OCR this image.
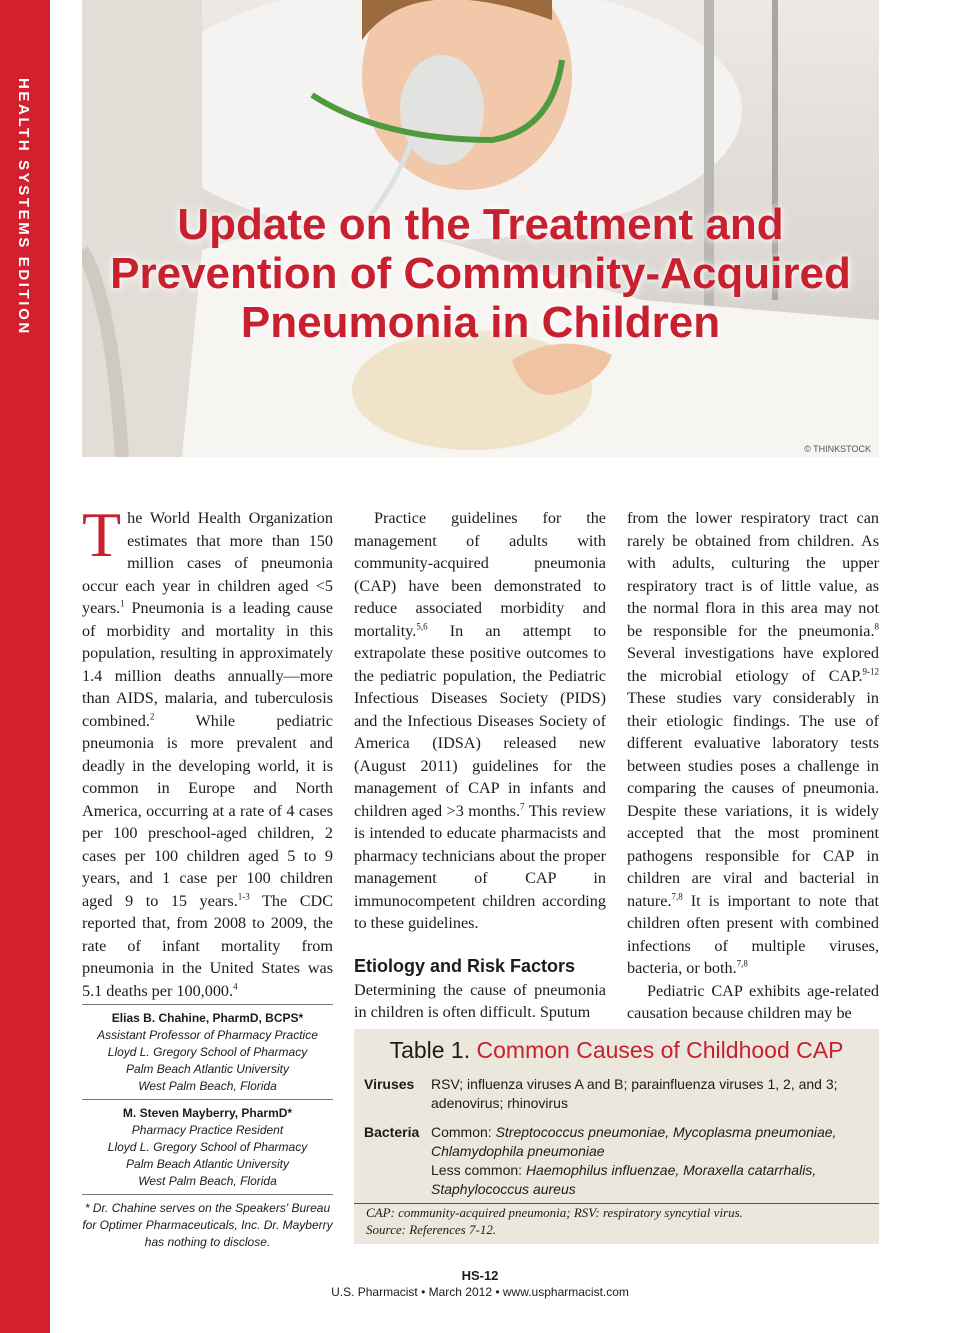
HEALTH SYSTEMS EDITION	Update on the Treatment and
Prevention of Community-Acquired
Pneumonia in Children
© THINKSTOCK

The World Health Organization estimates that more than 150 million cases of pneumonia occur each year in children aged <5 years.$^1$ Pneumonia is a leading cause of morbidity and mortality in this population, resulting in approximately 1.4 million deaths annually—more than AIDS, malaria, and tuberculosis combined.$^2$ While pediatric pneumonia is more prevalent and deadly in the developing world, it is common in Europe and North America, occurring at a rate of 4 cases per 100 preschool-aged children, 2 cases per 100 children aged 5 to 9 years, and 1 case per 100 children aged 9 to 15 years.$^{1-3}$ The CDC reported that, from 2008 to 2009, the rate of infant mortality from pneumonia in the United States was 5.1 deaths per 100,000.$^4$

Practice guidelines for the management of adults with community-acquired pneumonia (CAP) have been demonstrated to reduce associated morbidity and mortality.$^{5,6}$ In an attempt to extrapolate these positive outcomes to the pediatric population, the Pediatric Infectious Diseases Society (PIDS) and the Infectious Diseases Society of America (IDSA) released new (August 2011) guidelines for the management of CAP in infants and children aged >3 months.$^7$ This review is intended to educate pharmacists and pharmacy technicians about the proper management of CAP in immunocompetent children according to these guidelines.

Etiology and Risk Factors

Determining the cause of pneumonia in children is often difficult. Sputum

from the lower respiratory tract can rarely be obtained from children. As with adults, culturing the upper respiratory tract is of little value, as the normal flora in this area may not be responsible for the pneumonia.$^8$ Several investigations have explored the microbial etiology of CAP.$^{9-12}$ These studies vary considerably in their etiologic findings. The use of different evaluative laboratory tests between studies poses a challenge in comparing the causes of pneumonia. Despite these variations, it is widely accepted that the most prominent pathogens responsible for CAP in children are viral and bacterial in nature.$^{7,8}$ It is important to note that children often present with combined infections of multiple viruses, bacteria, or both.$^{7,8}$

Pediatric CAP exhibits age-related causation because children may be

Elias B. Chahine, PharmD, BCPS*
Assistant Professor of Pharmacy Practice
Lloyd L. Gregory School of Pharmacy
Palm Beach Atlantic University
West Palm Beach, Florida
M. Steven Mayberry, PharmD*
Pharmacy Practice Resident
Lloyd L. Gregory School of Pharmacy
Palm Beach Atlantic University
West Palm Beach, Florida
* Dr. Chahine serves on the Speakers' Bureau for Optimer Pharmaceuticals, Inc. Dr. Mayberry has nothing to disclose.
Table 1. Common Causes of Childhood CAP
Viruses RSV; influenza viruses A and B; parainfluenza viruses 1, 2, and 3; adenovirus; rhinovirus
Bacteria Common: Streptococcus pneumoniae, Mycoplasma pneumoniae, Chlamydophila pneumoniae
Less common: Haemophilus influenzae, Moraxella catarrhalis, Staphylococcus aureus
CAP: community-acquired pneumonia; RSV: respiratory syncytial virus.
Source: References 7-12.
HS-12
U.S. Pharmacist • March 2012 • www.uspharmacist.com
